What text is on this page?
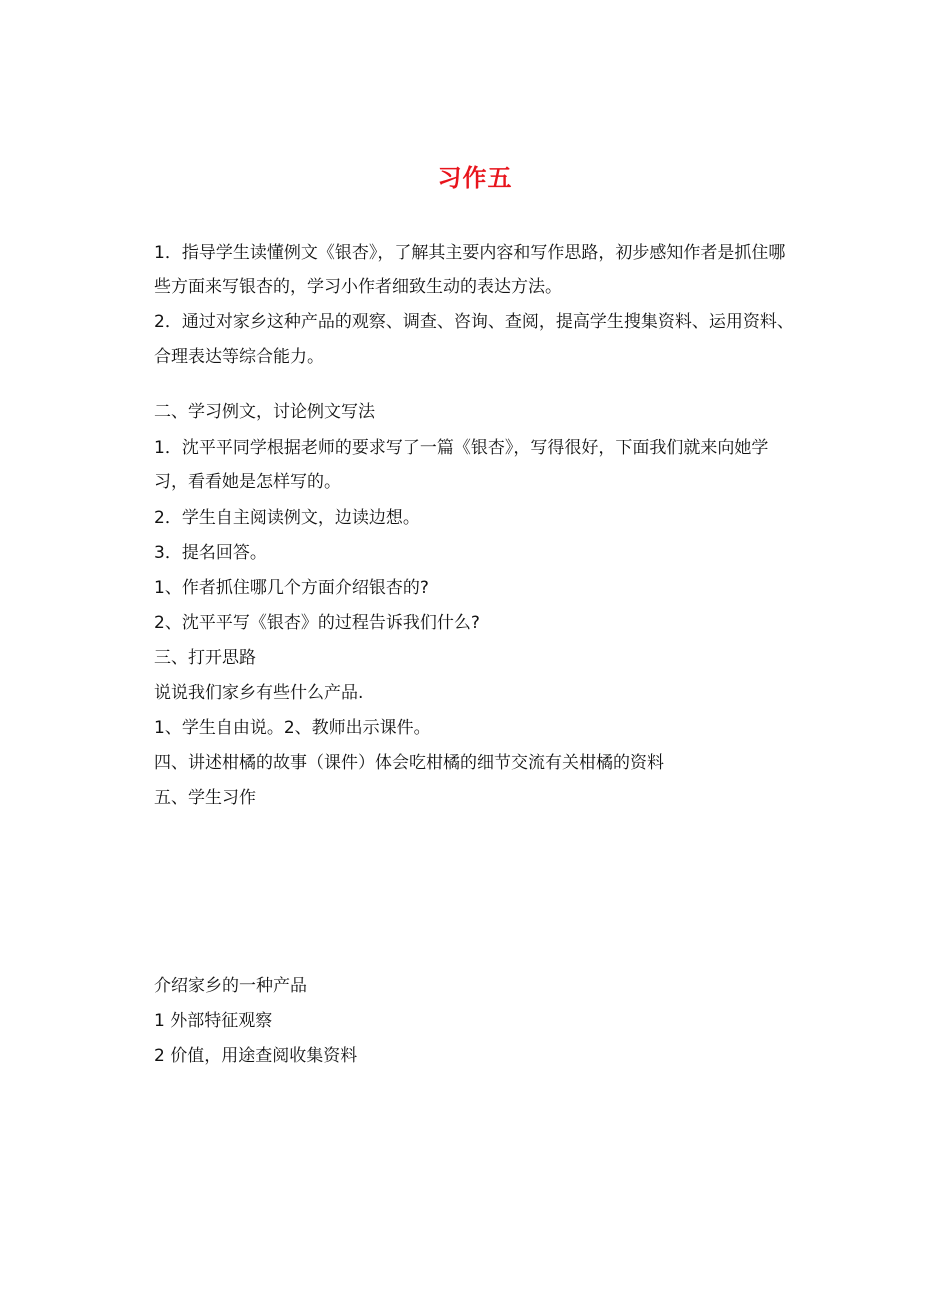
习作五
1．指导学生读懂例文《银杏》，了解其主要内容和写作思路，初步感知作者是抓住哪
些方面来写银杏的，学习小作者细致生动的表达方法。
2．通过对家乡这种产品的观察、调查、咨询、查阅，提高学生搜集资料、运用资料、
合理表达等综合能力。
二、学习例文，讨论例文写法
1．沈平平同学根据老师的要求写了一篇《银杏》，写得很好，下面我们就来向她学
习，看看她是怎样写的。
2．学生自主阅读例文，边读边想。
3．提名回答。
1、作者抓住哪几个方面介绍银杏的?
2、沈平平写《银杏》的过程告诉我们什么?
三、打开思路
说说我们家乡有些什么产品.
1、学生自由说。2、教师出示课件。
四、讲述柑橘的故事（课件）体会吃柑橘的细节交流有关柑橘的资料
五、学生习作
介绍家乡的一种产品
1 外部特征观察
2 价值，用途查阅收集资料
